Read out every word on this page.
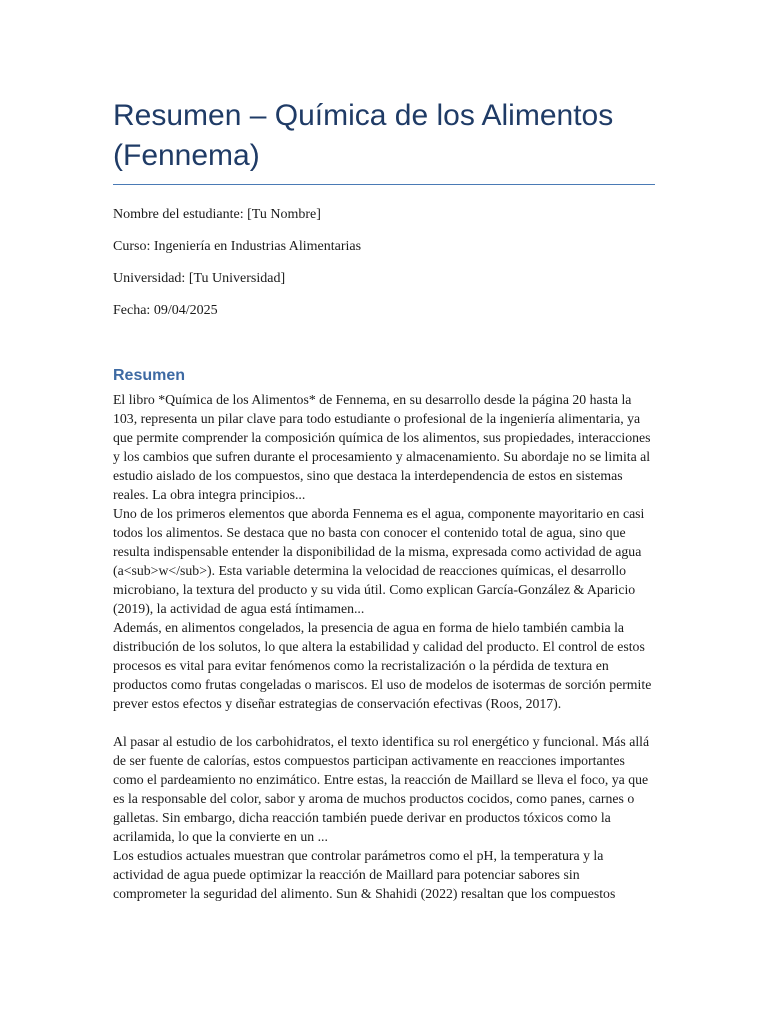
Resumen – Química de los Alimentos (Fennema)

Nombre del estudiante: [Tu Nombre]

Curso: Ingeniería en Industrias Alimentarias

Universidad: [Tu Universidad]

Fecha: 09/04/2025

Resumen

El libro *Química de los Alimentos* de Fennema, en su desarrollo desde la página 20 hasta la 103, representa un pilar clave para todo estudiante o profesional de la ingeniería alimentaria, ya que permite comprender la composición química de los alimentos, sus propiedades, interacciones y los cambios que sufren durante el procesamiento y almacenamiento. Su abordaje no se limita al estudio aislado de los compuestos, sino que destaca la interdependencia de estos en sistemas reales. La obra integra principios...

Uno de los primeros elementos que aborda Fennema es el agua, componente mayoritario en casi todos los alimentos. Se destaca que no basta con conocer el contenido total de agua, sino que resulta indispensable entender la disponibilidad de la misma, expresada como actividad de agua (a<sub>w</sub>). Esta variable determina la velocidad de reacciones químicas, el desarrollo microbiano, la textura del producto y su vida útil. Como explican García-González & Aparicio (2019), la actividad de agua está íntimamen...

Además, en alimentos congelados, la presencia de agua en forma de hielo también cambia la distribución de los solutos, lo que altera la estabilidad y calidad del producto. El control de estos procesos es vital para evitar fenómenos como la recristalización o la pérdida de textura en productos como frutas congeladas o mariscos. El uso de modelos de isotermas de sorción permite prever estos efectos y diseñar estrategias de conservación efectivas (Roos, 2017).

Al pasar al estudio de los carbohidratos, el texto identifica su rol energético y funcional. Más allá de ser fuente de calorías, estos compuestos participan activamente en reacciones importantes como el pardeamiento no enzimático. Entre estas, la reacción de Maillard se lleva el foco, ya que es la responsable del color, sabor y aroma de muchos productos cocidos, como panes, carnes o galletas. Sin embargo, dicha reacción también puede derivar en productos tóxicos como la acrilamida, lo que la convierte en un ...

Los estudios actuales muestran que controlar parámetros como el pH, la temperatura y la actividad de agua puede optimizar la reacción de Maillard para potenciar sabores sin comprometer la seguridad del alimento. Sun & Shahidi (2022) resaltan que los compuestos
